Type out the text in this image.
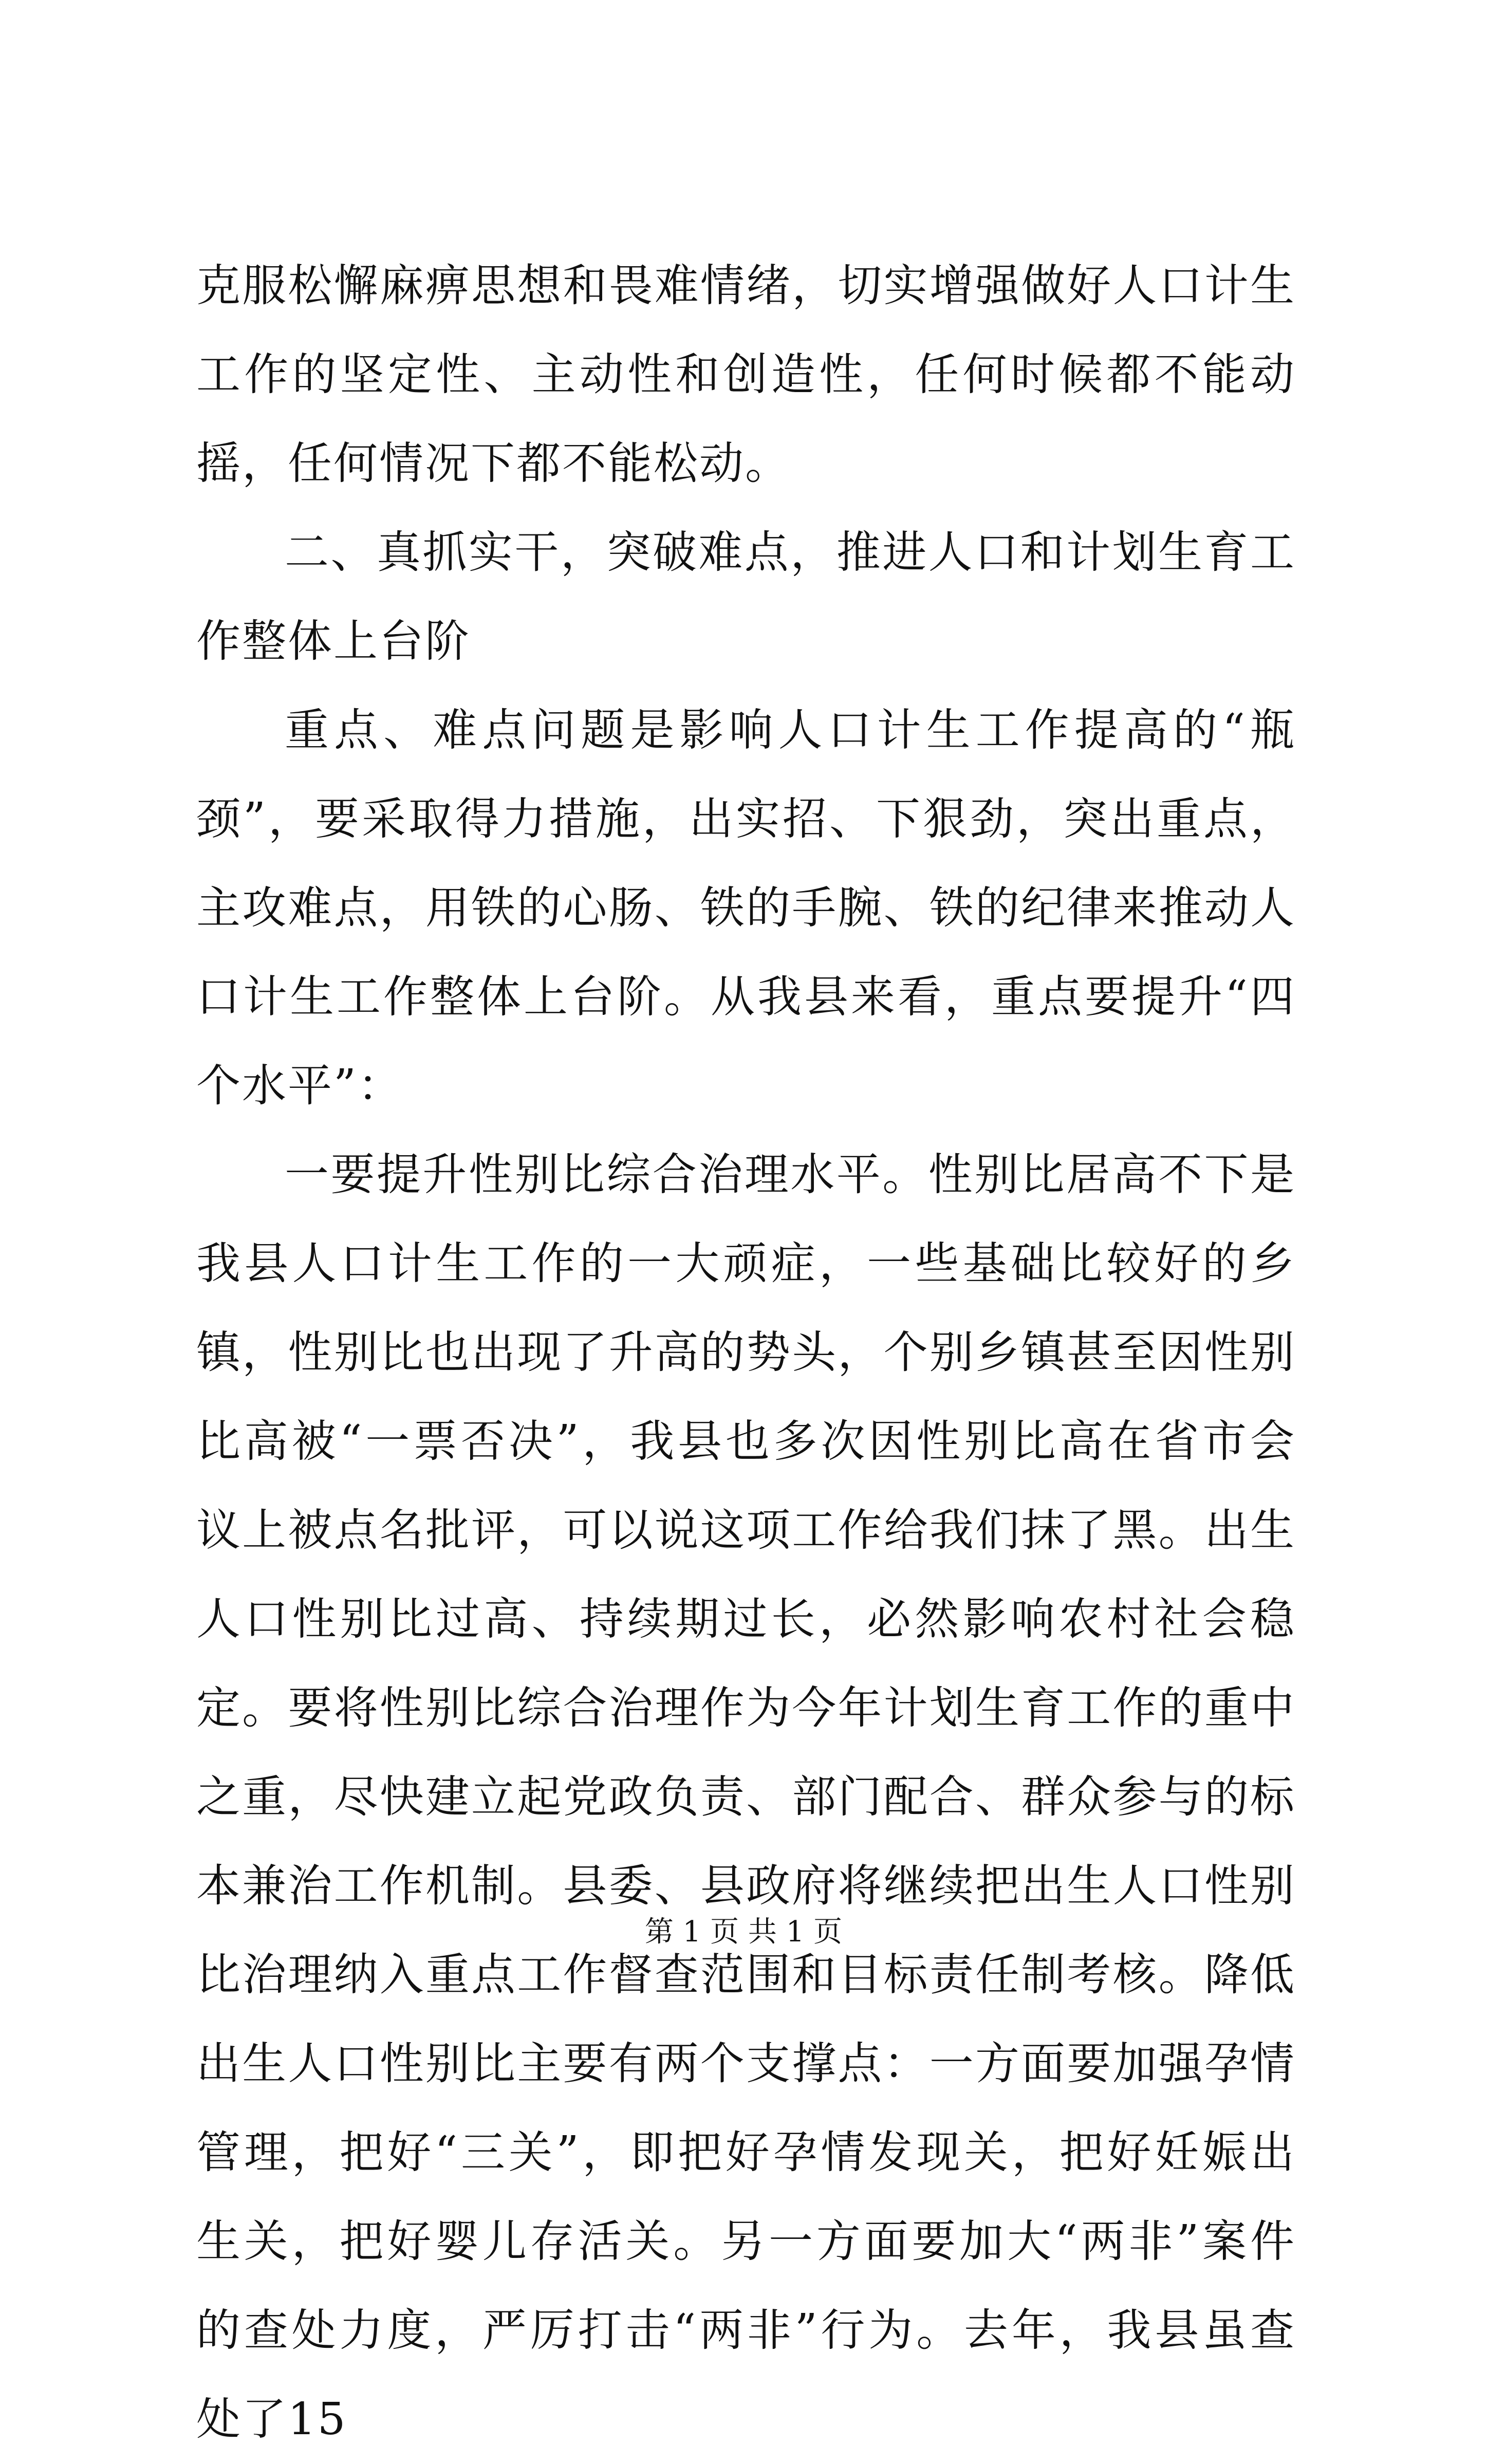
克服松懈麻痹思想和畏难情绪，切实增强做好人口计生工作的坚定性、主动性和创造性，任何时候都不能动摇，任何情况下都不能松动。

二、真抓实干，突破难点，推进人口和计划生育工作整体上台阶

重点、难点问题是影响人口计生工作提高的“瓶颈”，要采取得力措施，出实招、下狠劲，突出重点，主攻难点，用铁的心肠、铁的手腕、铁的纪律来推动人口计生工作整体上台阶。从我县来看，重点要提升“四个水平”：

一要提升性别比综合治理水平。性别比居高不下是我县人口计生工作的一大顽症，一些基础比较好的乡镇，性别比也出现了升高的势头，个别乡镇甚至因性别比高被“一票否决”，我县也多次因性别比高在省市会议上被点名批评，可以说这项工作给我们抹了黑。出生人口性别比过高、持续期过长，必然影响农村社会稳定。要将性别比综合治理作为今年计划生育工作的重中之重，尽快建立起党政负责、部门配合、群众参与的标本兼治工作机制。县委、县政府将继续把出生人口性别比治理纳入重点工作督查范围和目标责任制考核。降低出生人口性别比主要有两个支撑点：一方面要加强孕情管理，把好“三关”，即把好孕情发现关，把好妊娠出生关，把好婴儿存活关。另一方面要加大“两非”案件的查处力度，严厉打击“两非”行为。去年，我县虽查处了15

第 1 页 共 1 页
